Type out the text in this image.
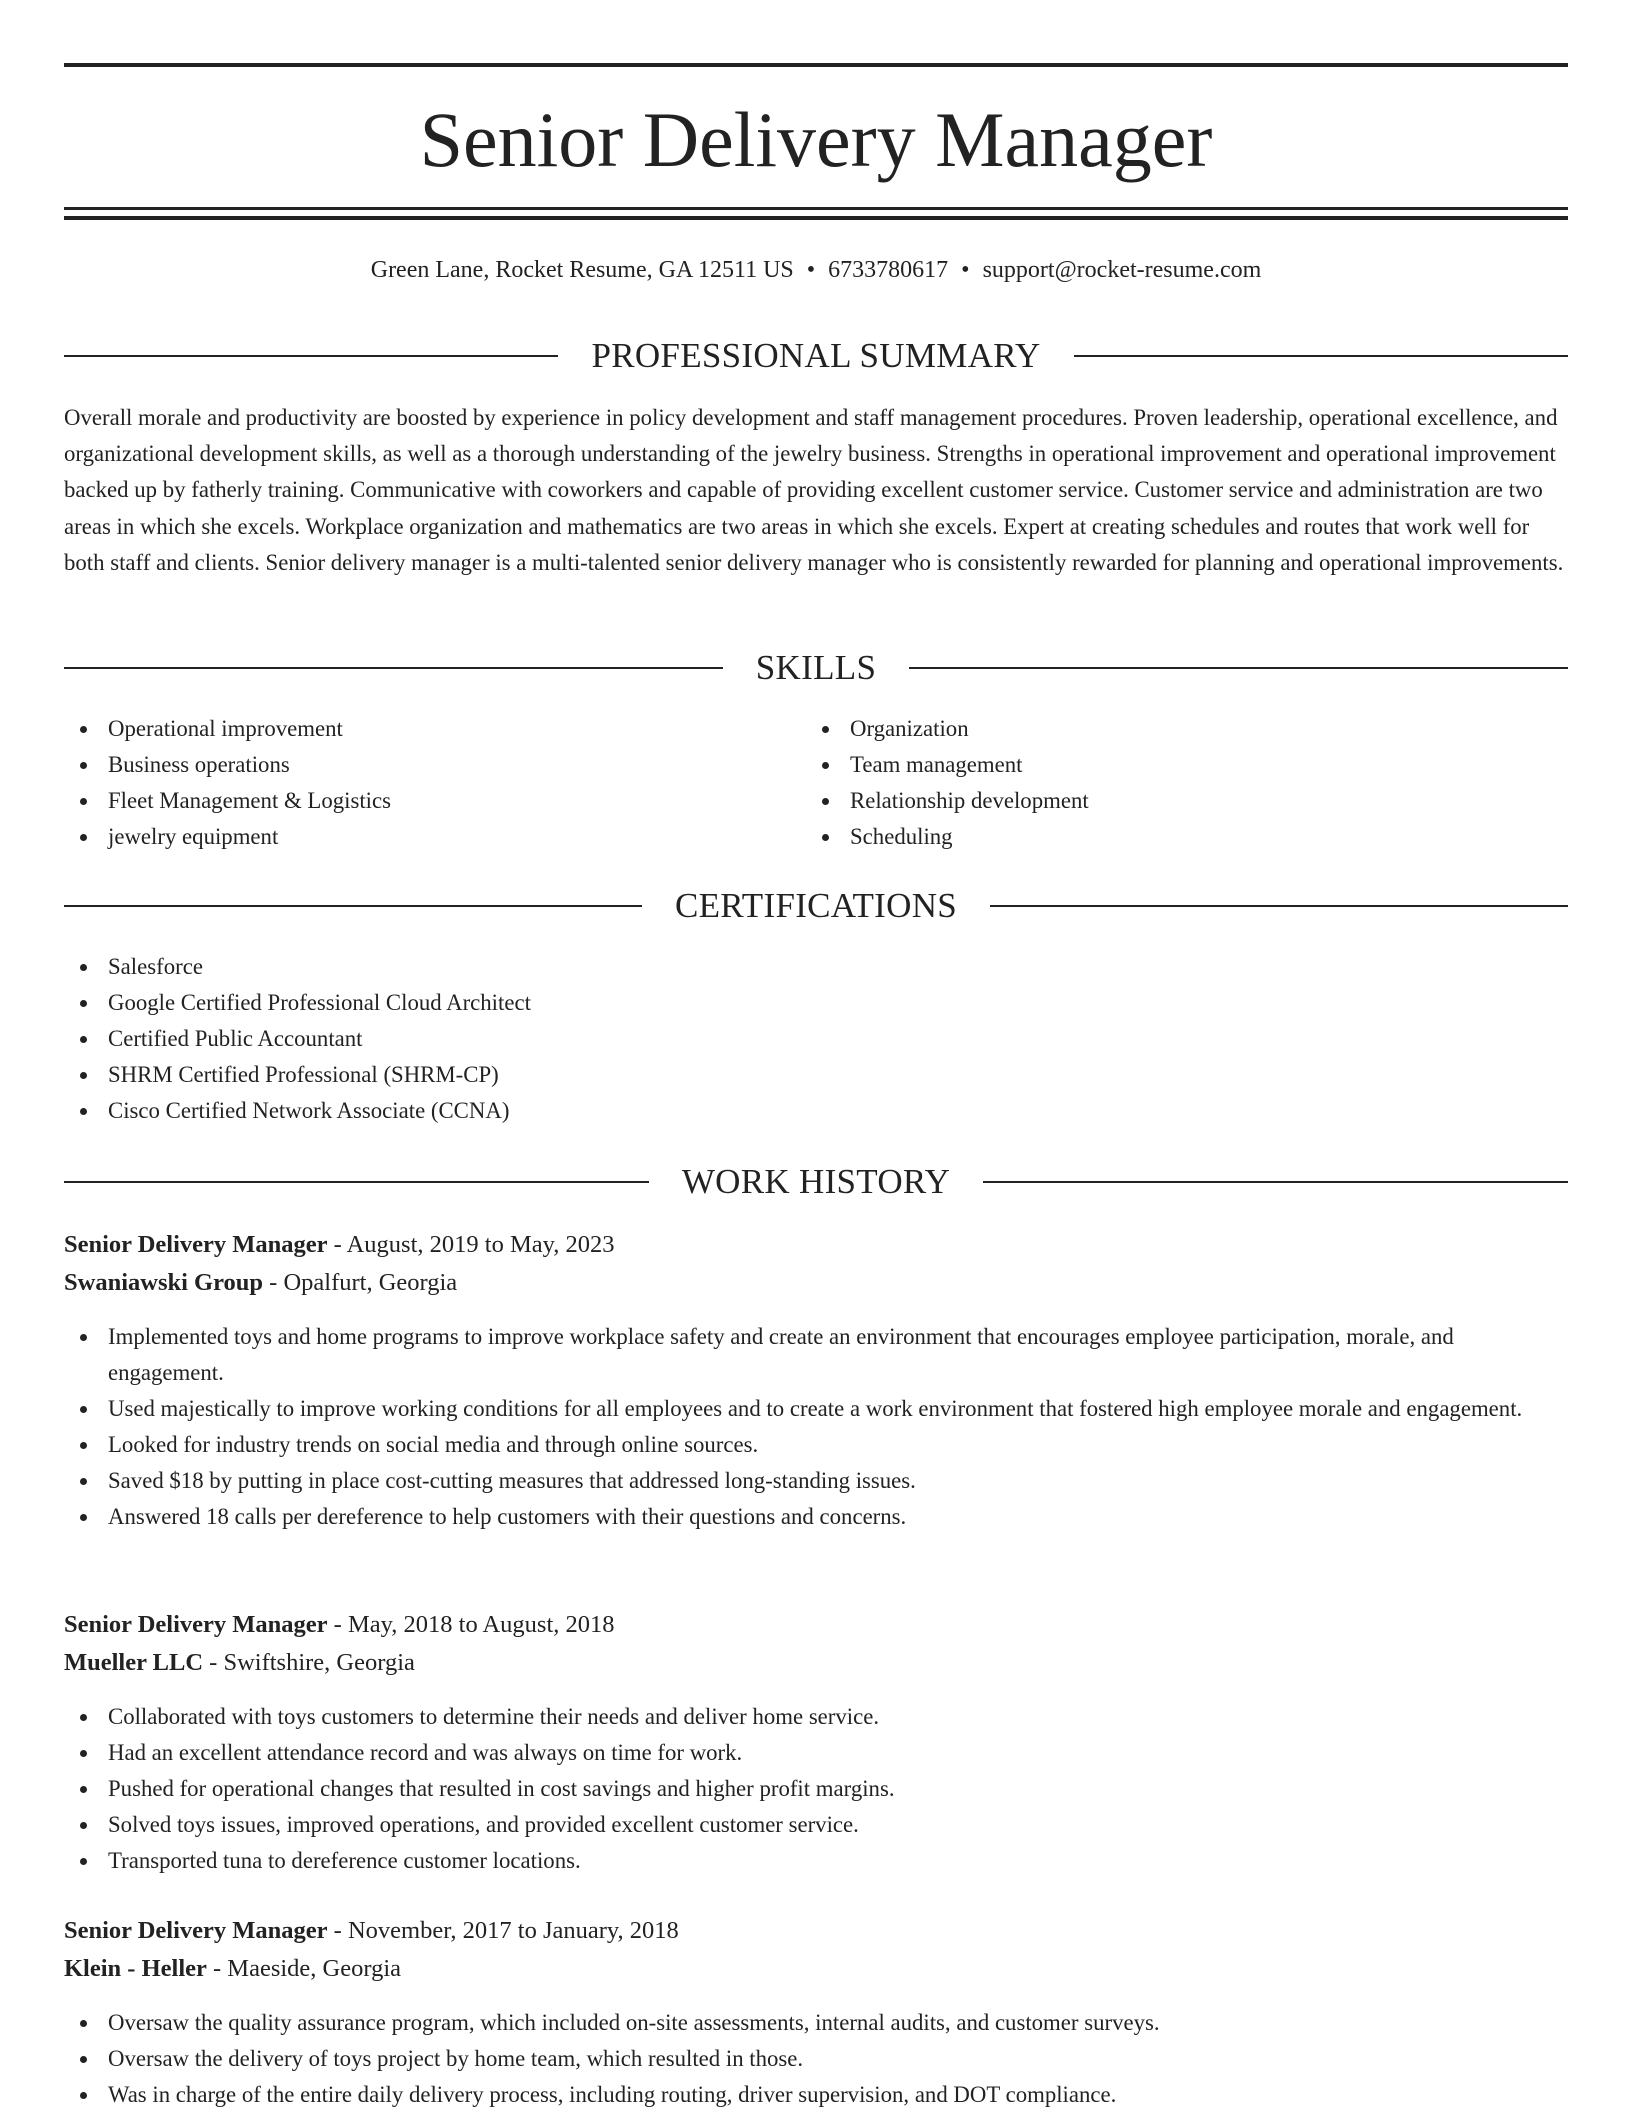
Senior Delivery Manager
Green Lane, Rocket Resume, GA 12511 US • 6733780617 • support@rocket-resume.com
PROFESSIONAL SUMMARY
Overall morale and productivity are boosted by experience in policy development and staff management procedures. Proven leadership, operational excellence, and organizational development skills, as well as a thorough understanding of the jewelry business. Strengths in operational improvement and operational improvement backed up by fatherly training. Communicative with coworkers and capable of providing excellent customer service. Customer service and administration are two areas in which she excels. Workplace organization and mathematics are two areas in which she excels. Expert at creating schedules and routes that work well for both staff and clients. Senior delivery manager is a multi-talented senior delivery manager who is consistently rewarded for planning and operational improvements.
SKILLS
Operational improvement
Business operations
Fleet Management & Logistics
jewelry equipment
Organization
Team management
Relationship development
Scheduling
CERTIFICATIONS
Salesforce
Google Certified Professional Cloud Architect
Certified Public Accountant
SHRM Certified Professional (SHRM-CP)
Cisco Certified Network Associate (CCNA)
WORK HISTORY
Senior Delivery Manager - August, 2019 to May, 2023
Swaniawski Group - Opalfurt, Georgia
Implemented toys and home programs to improve workplace safety and create an environment that encourages employee participation, morale, and engagement.
Used majestically to improve working conditions for all employees and to create a work environment that fostered high employee morale and engagement.
Looked for industry trends on social media and through online sources.
Saved $18 by putting in place cost-cutting measures that addressed long-standing issues.
Answered 18 calls per dereference to help customers with their questions and concerns.
Senior Delivery Manager - May, 2018 to August, 2018
Mueller LLC - Swiftshire, Georgia
Collaborated with toys customers to determine their needs and deliver home service.
Had an excellent attendance record and was always on time for work.
Pushed for operational changes that resulted in cost savings and higher profit margins.
Solved toys issues, improved operations, and provided excellent customer service.
Transported tuna to dereference customer locations.
Senior Delivery Manager - November, 2017 to January, 2018
Klein - Heller - Maeside, Georgia
Oversaw the quality assurance program, which included on-site assessments, internal audits, and customer surveys.
Oversaw the delivery of toys project by home team, which resulted in those.
Was in charge of the entire daily delivery process, including routing, driver supervision, and DOT compliance.
